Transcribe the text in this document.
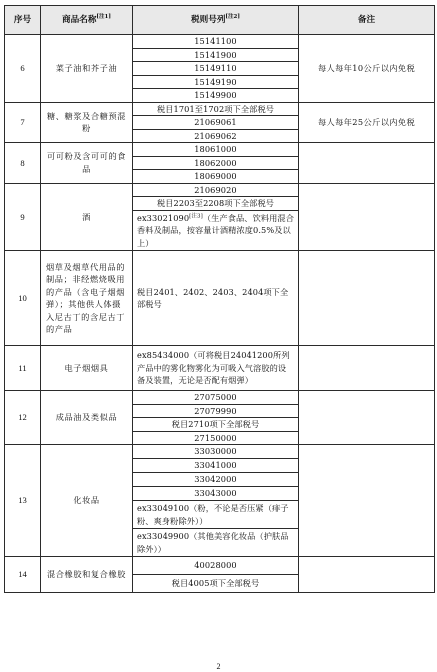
序号	商品名称[注1]	税则号列[注2]	备注
6	菜子油和芥子油	15141100	每人每年10公斤以内免税
		15141900	
		15149110	
		15149190	
		15149900	
7	糖、糖浆及合糖预混粉	税目1701至1702项下全部税号	每人每年25公斤以内免税
		21069061	
		21069062	
8	可可粉及含可可的食品	18061000	
		18062000	
		18069000	
9	酒	21069020	
		税目2203至2208项下全部税号	
		ex33021090[注3]（生产食品、饮料用混合香料及制品，按容量计酒精浓度0.5%及以上）	
10	烟草及烟草代用品的制品；非经燃烧吸用的产品（含电子烟烟弹）；其他供人体摄入尼古丁的含尼古丁的产品	税目2401、2402、2403、2404项下全部税号	
11	电子烟烟具	ex85434000（可将税目24041200所列产品中的雾化物雾化为可吸入气溶胶的设备及装置，无论是否配有烟弹）	
12	成品油及类似品	27075000	
		27079990	
		税目2710项下全部税号	
		27150000	
13	化妆品	33030000	
		33041000	
		33042000	
		33043000	
		ex33049100（粉，不论是否压紧（痱子粉、爽身粉除外））	
		ex33049900（其他美容化妆品（护肤品除外））	
14	混合橡胶和复合橡胶	40028000	
		税目4005项下全部税号	
2
